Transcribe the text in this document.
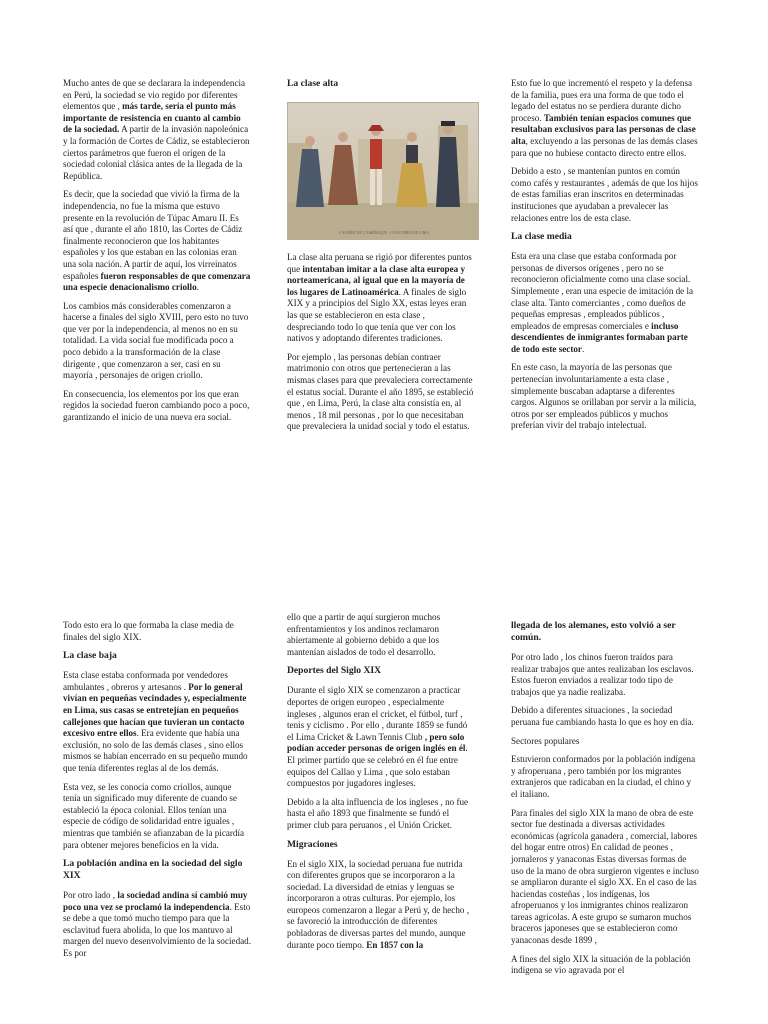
Mucho antes de que se declarara la independencia en Perú, la sociedad se vio regido por diferentes elementos que , más tarde, sería el punto más importante de resistencia en cuanto al cambio de la sociedad. A partir de la invasión napoleónica y la formación de Cortes de Cádiz, se establecieron ciertos parámetros que fueron el origen de la sociedad colonial clásica antes de la llegada de la República.

Es decir, que la sociedad que vivió la firma de la independencia, no fue la misma que estuvo presente en la revolución de Túpac Amaru II. Es así que , durante el año 1810, las Cortes de Cádiz finalmente reconocieron que los habitantes españoles y los que estaban en las colonias eran una sola nación. A partir de aquí, los virreinatos españoles fueron responsables de que comenzara una especie denacionalismo criollo.

Los cambios más considerables comenzaron a hacerse a finales del siglo XVIII, pero esto no tuvo que ver por la independencia, al menos no en su totalidad. La vida social fue modificada poco a poco debido a la transformación de la clase dirigente , que comenzaron a ser, casi en su mayoría , personajes de origen criollo.

En consecuencia, los elementos por los que eran regidos la sociedad fueron cambiando poco a poco, garantizando el inicio de una nueva era social.

La clase alta
L'ANNÉE DE L'AMÉRIQUE · COSTUMES DE LIMA

La clase alta peruana se rigió por diferentes puntos que intentaban imitar a la clase alta europea y norteamericana, al igual que en la mayoría de los lugares de Latinoamérica. A finales de siglo XIX y a principios del Siglo XX, estas leyes eran las que se establecieron en esta clase , despreciando todo lo que tenía que ver con los nativos y adoptando diferentes tradiciones.

Por ejemplo , las personas debían contraer matrimonio con otros que pertenecieran a las mismas clases para que prevaleciera correctamente el estatus social. Durante el año 1895, se estableció que , en Lima, Perú, la clase alta consistía en, al menos , 18 mil personas , por lo que necesitaban que prevaleciera la unidad social y todo el estatus.

Esto fue lo que incrementó el respeto y la defensa de la familia, pues era una forma de que todo el legado del estatus no se perdiera durante dicho proceso. También tenían espacios comunes que resultaban exclusivos para las personas de clase alta, excluyendo a las personas de las demás clases para que no hubiese contacto directo entre ellos.

Debido a esto , se mantenían puntos en común como cafés y restaurantes , además de que los hijos de estas familias eran inscritos en determinadas instituciones que ayudaban a prevalecer las relaciones entre los de esta clase.

La clase media

Esta era una clase que estaba conformada por personas de diversos orígenes , pero no se reconocieron oficialmente como una clase social. Simplemente , eran una especie de imitación de la clase alta. Tanto comerciantes , como dueños de pequeñas empresas , empleados públicos , empleados de empresas comerciales e incluso descendientes de inmigrantes formaban parte de todo este sector.

En este caso, la mayoría de las personas que pertenecían involuntariamente a esta clase , simplemente buscaban adaptarse a diferentes cargos. Algunos se orillaban por servir a la milicia, otros por ser empleados públicos y muchos preferían vivir del trabajo intelectual.

Todo esto era lo que formaba la clase media de finales del siglo XIX.

La clase baja

Esta clase estaba conformada por vendedores ambulantes , obreros y artesanos . Por lo general vivían en pequeñas vecindades y, especialmente en Lima, sus casas se entretejían en pequeños callejones que hacían que tuvieran un contacto excesivo entre ellos. Era evidente que había una exclusión, no solo de las demás clases , sino ellos mismos se habían encerrado en su pequeño mundo que tenía diferentes reglas al de los demás.

Esta vez, se les conocía como criollos, aunque tenía un significado muy diferente de cuando se estableció la época colonial. Ellos tenían una especie de código de solidaridad entre iguales , mientras que también se afianzaban de la picardía para obtener mejores beneficios en la vida.

La población andina en la sociedad del siglo XIX

Por otro lado , la sociedad andina sí cambió muy poco una vez se proclamó la independencia. Esto se debe a que tomó mucho tiempo para que la esclavitud fuera abolida, lo que los mantuvo al margen del nuevo desenvolvimiento de la sociedad. Es por

ello que a partir de aquí surgieron muchos enfrentamientos y los andinos reclamaron abiertamente al gobierno debido a que los mantenían aislados de todo el desarrollo.

Deportes del Siglo XIX

Durante el siglo XIX se comenzaron a practicar deportes de origen europeo , especialmente ingleses , algunos eran el cricket, el fútbol, turf , tenis y ciclismo . Por ello , durante 1859 se fundó el Lima Cricket & Lawn Tennis Club , pero solo podían acceder personas de origen inglés en él. El primer partido que se celebró en él fue entre equipos del Callao y Lima , que solo estaban compuestos por jugadores ingleses.

Debido a la alta influencia de los ingleses , no fue hasta el año 1893 que finalmente se fundó el primer club para peruanos , el Unión Cricket.

Migraciones

En el siglo XIX, la sociedad peruana fue nutrida con diferentes grupos que se incorporaron a la sociedad. La diversidad de etnias y lenguas se incorporaron a otras culturas. Por ejemplo, los europeos comenzaron a llegar a Perú y, de hecho , se favoreció la introducción de diferentes pobladoras de diversas partes del mundo, aunque durante poco tiempo. En 1857 con la

llegada de los alemanes, esto volvió a ser común.

Por otro lado , los chinos fueron traídos para realizar trabajos que antes realizaban los esclavos. Estos fueron enviados a realizar todo tipo de trabajos que ya nadie realizaba.

Debido a diferentes situaciones , la sociedad peruana fue cambiando hasta lo que es hoy en día.

Sectores populares

Estuvieron conformados por la población indígena y afroperuana , pero también por los migrantes extranjeros que radicaban en la ciudad, el chino y el italiano.

Para finales del siglo XIX la mano de obra de este sector fue destinada a diversas actividades económicas (agrícola ganadera , comercial, labores del hogar entre otros) En calidad de peones , jornaleros y yanaconas Estas diversas formas de uso de la mano de obra surgieron vigentes e incluso se ampliaron durante el siglo XX. En el caso de las haciendas costeñas , los indígenas, los afroperuanos y los inmigrantes chinos realizaron tareas agrícolas. A este grupo se sumaron muchos braceros japoneses que se establecieron como yanaconas desde 1899 ,

A fines del siglo XIX la situación de la población indígena se vio agravada por el
